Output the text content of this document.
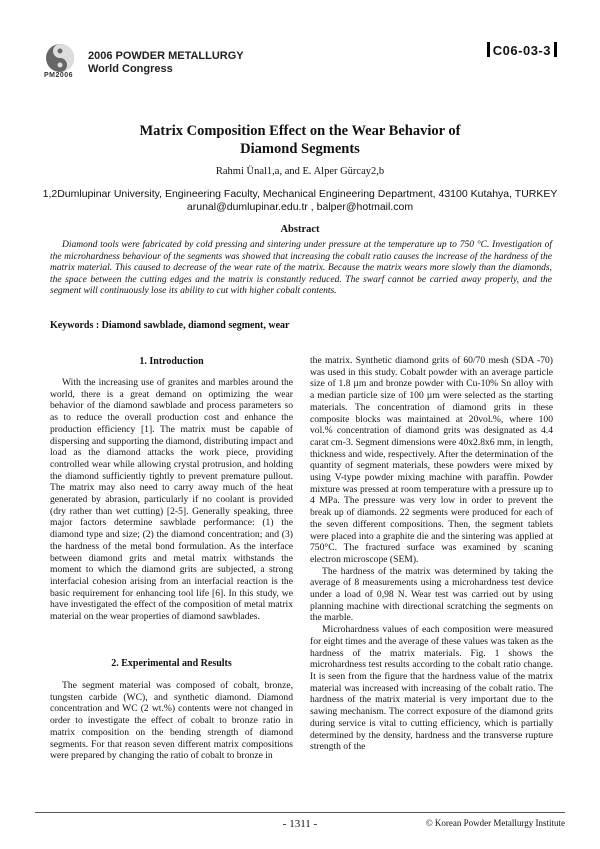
PM2006
2006 POWDER METALLURGY
World Congress
C06-03-3
Matrix Composition Effect on the Wear Behavior of
Diamond Segments
Rahmi Ünal1,a, and E. Alper Gürcay2,b
1,2Dumlupinar University, Engineering Faculty, Mechanical Engineering Department, 43100 Kutahya, TURKEY
arunal@dumlupinar.edu.tr , balper@hotmail.com
Abstract
Diamond tools were fabricated by cold pressing and sintering under pressure at the temperature up to 750 °C. Investigation of the microhardness behaviour of the segments was showed that increasing the cobalt ratio causes the increase of the hardness of the matrix material. This caused to decrease of the wear rate of the matrix. Because the matrix wears more slowly than the diamonds, the space between the cutting edges and the matrix is constantly reduced. The swarf cannot be carried away properly, and the segment will continuously lose its ability to cut with higher cobalt contents.
Keywords : Diamond sawblade, diamond segment, wear
1. Introduction

With the increasing use of granites and marbles around the world, there is a great demand on optimizing the wear behavior of the diamond sawblade and process parameters so as to reduce the overall production cost and enhance the production efficiency [1]. The matrix must be capable of dispersing and supporting the diamond, distributing impact and load as the diamond attacks the work piece, providing controlled wear while allowing crystal protrusion, and holding the diamond sufficiently tightly to prevent premature pullout. The matrix may also need to carry away much of the heat generated by abrasion, particularly if no coolant is provided (dry rather than wet cutting) [2-5]. Generally speaking, three major factors determine sawblade performance: (1) the diamond type and size; (2) the diamond concentration; and (3) the hardness of the metal bond formulation. As the interface between diamond grits and metal matrix withstands the moment to which the diamond grits are subjected, a strong interfacial cohesion arising from an interfacial reaction is the basic requirement for enhancing tool life [6]. In this study, we have investigated the effect of the composition of metal matrix material on the wear properties of diamond sawblades.

2. Experimental and Results

The segment material was composed of cobalt, bronze, tungsten carbide (WC), and synthetic diamond. Diamond concentration and WC (2 wt.%) contents were not changed in order to investigate the effect of cobalt to bronze ratio in matrix composition on the bending strength of diamond segments. For that reason seven different matrix compositions were prepared by changing the ratio of cobalt to bronze in

the matrix. Synthetic diamond grits of 60/70 mesh (SDA -70) was used in this study. Cobalt powder with an average particle size of 1.8 µm and bronze powder with Cu-10% Sn alloy with a median particle size of 100 µm were selected as the starting materials. The concentration of diamond grits in these composite blocks was maintained at 20vol.%, where 100 vol.% concentration of diamond grits was designated as 4.4 carat cm-3. Segment dimensions were 40x2.8x6 mm, in length, thickness and wide, respectively. After the determination of the quantity of segment materials, these powders were mixed by using V-type powder mixing machine with paraffin. Powder mixture was pressed at room temperature with a pressure up to 4 MPa. The pressure was very low in order to prevent the break up of diamonds. 22 segments were produced for each of the seven different compositions. Then, the segment tablets were placed into a graphite die and the sintering was applied at 750°C. The fractured surface was examined by scaning electron microscope (SEM).

The hardness of the matrix was determined by taking the average of 8 measurements using a microhardness test device under a load of 0,98 N. Wear test was carried out by using planning machine with directional scratching the segments on the marble.

Microhardness values of each composition were measured for eight times and the average of these values was taken as the hardness of the matrix materials. Fig. 1 shows the microhardness test results according to the cobalt ratio change. It is seen from the figure that the hardness value of the matrix material was increased with increasing of the cobalt ratio. The hardness of the matrix material is very important due to the sawing mechanism. The correct exposure of the diamond grits during service is vital to cutting efficiency, which is partially determined by the density, hardness and the transverse rupture strength of the

- 1311 -	© Korean Powder Metallurgy Institute
